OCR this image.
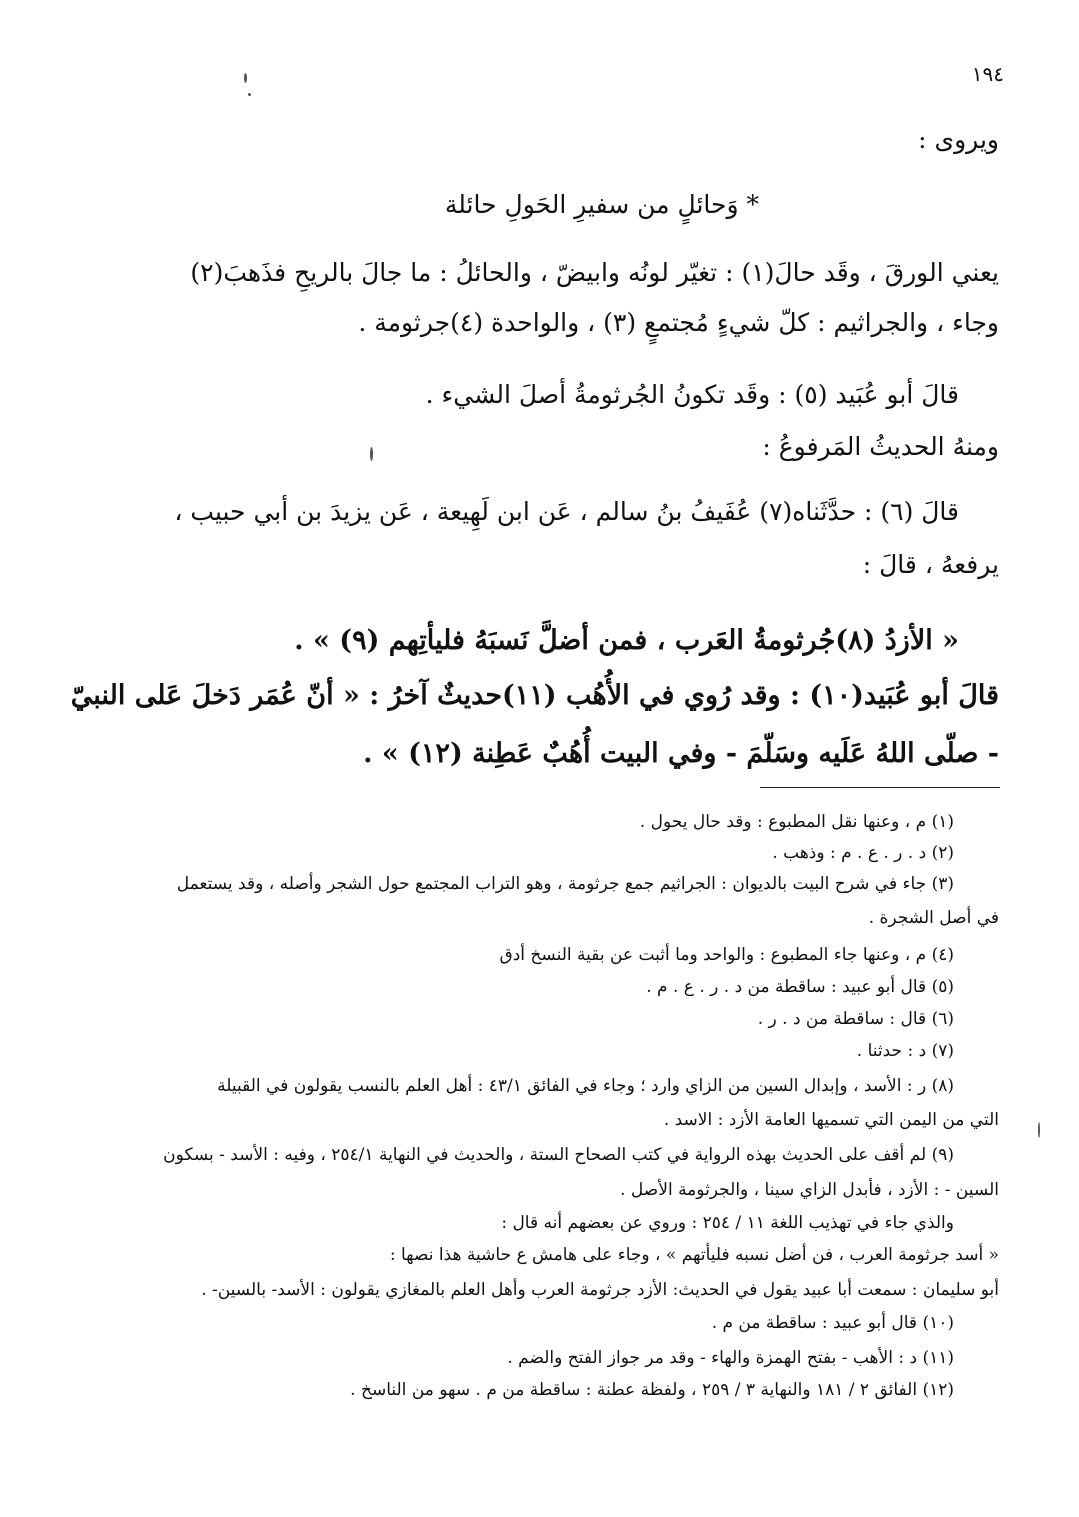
١٩٤
ويروى :
* وَحائلٍ من سفيرِ الحَولِ حائلة
يعني الورقَ ، وقَد حالَ(١) : تغيّر لونُه وابيضّ ، والحائلُ : ما جالَ بالريحِ فذَهبَ(٢)
وجاء ، والجراثيم : كلّ شيءٍ مُجتمعٍ (٣) ، والواحدة (٤)جرثومة .
قالَ أبو عُبَيد (٥) : وقَد تكونُ الجُرثومةُ أصلَ الشيء .
ومنهُ الحديثُ المَرفوعُ :
قالَ (٦) : حدَّثَناه(٧) عُفَيفُ بنُ سالم ، عَن ابن لَهِيعة ، عَن يزيدَ بن أبي حبيب ،
يرفعهُ ، قالَ :
« الأزدُ (٨)جُرثومةُ العَرب ، فمن أضلَّ نَسبَهُ فليأتِهم (٩) » .
قالَ أبو عُبَيد(١٠) : وقد رُوي في الأُهُب (١١)حديثٌ آخرُ : « أنّ عُمَر دَخلَ عَلى النبيّ
- صلّى اللهُ عَلَيه وسَلّمَ - وفي البيت أُهُبٌ عَطِنة (١٢) » .
(١) م ، وعنها نقل المطبوع : وقد حال يحول .
(٢) د . ر . ع . م : وذهب .
(٣) جاء في شرح البيت بالديوان : الجراثيم جمع جرثومة ، وهو التراب المجتمع حول الشجر وأصله ، وقد يستعمل
في أصل الشجرة .
(٤) م ، وعنها جاء المطبوع : والواحد وما أثبت عن بقية النسخ أدق
(٥) قال أبو عبيد : ساقطة من د . ر . ع . م .
(٦) قال : ساقطة من د . ر .
(٧) د : حدثنا .
(٨) ر : الأسد ، وإبدال السين من الزاي وارد ؛ وجاء في الفائق ٤٣/١ : أهل العلم بالنسب يقولون في القبيلة
التي من اليمن التي تسميها العامة الأزد : الاسد .
(٩) لم أقف على الحديث بهذه الرواية في كتب الصحاح الستة ، والحديث في النهاية ٢٥٤/١ ، وفيه : الأسد - بسكون
السين - : الأزد ، فأبدل الزاي سينا ، والجرثومة الأصل .
والذي جاء في تهذيب اللغة ١١ / ٢٥٤ : وروي عن بعضهم أنه قال :
« أسد جرثومة العرب ، فن أضل نسبه فليأتهم » ، وجاء على هامش ع حاشية هذا نصها :
أبو سليمان : سمعت أبا عبيد يقول في الحديث: الأزد جرثومة العرب وأهل العلم بالمغازي يقولون : الأسد- بالسين- .
(١٠) قال أبو عبيد : ساقطة من م .
(١١) د : الأهب - بفتح الهمزة والهاء - وقد مر جواز الفتح والضم .
(١٢) الفائق ٢ / ١٨١ والنهاية ٣ / ٢٥٩ ، ولفظة عطنة : ساقطة من م . سهو من الناسخ .
